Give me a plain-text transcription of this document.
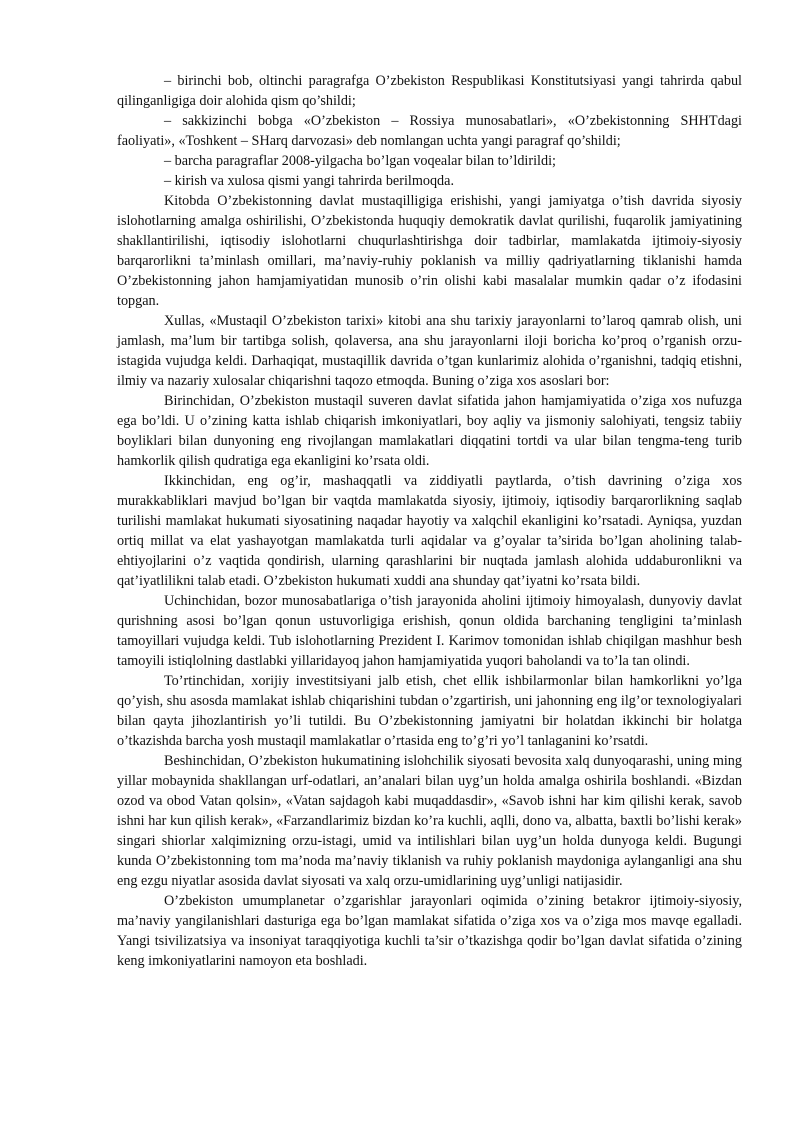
– birinchi bob, oltinchi paragrafga O’zbekiston Respublikasi Konstitutsiyasi yangi tahrirda qabul qilinganligiga doir alohida qism qo’shildi;

– sakkizinchi bobga «O’zbekiston – Rossiya munosabatlari», «O’zbekistonning SHHTdagi faoliyati», «Toshkent – SHarq darvozasi» deb nomlangan uchta yangi paragraf qo’shildi;

– barcha paragraflar 2008-yilgacha bo’lgan voqealar bilan to’ldirildi;

– kirish va xulosa qismi yangi tahrirda berilmoqda.

Kitobda O’zbekistonning davlat mustaqilligiga erishishi, yangi jamiyatga o’tish davrida siyosiy islohotlarning amalga oshirilishi, O’zbekistonda huquqiy demokratik davlat qurilishi, fuqarolik jamiyatining shakllantirilishi, iqtisodiy islohotlarni chuqurlashtirishga doir tadbirlar, mamlakatda ijtimoiy-siyosiy barqarorlikni ta’minlash omillari, ma’naviy-ruhiy poklanish va milliy qadriyatlarning tiklanishi hamda O’zbekistonning jahon hamjamiyatidan munosib o’rin olishi kabi masalalar mumkin qadar o’z ifodasini topgan.

Xullas, «Mustaqil O’zbekiston tarixi» kitobi ana shu tarixiy jarayonlarni to’laroq qamrab olish, uni jamlash, ma’lum bir tartibga solish, qolaversa, ana shu jarayonlarni iloji boricha ko’proq o’rganish orzu-istagida vujudga keldi. Darhaqiqat, mustaqillik davrida o’tgan kunlarimiz alohida o’rganishni, tadqiq etishni, ilmiy va nazariy xulosalar chiqarishni taqozo etmoqda. Buning o’ziga xos asoslari bor:

Birinchidan, O’zbekiston mustaqil suveren davlat sifatida jahon hamjamiyatida o’ziga xos nufuzga ega bo’ldi. U o’zining katta ishlab chiqarish imkoniyatlari, boy aqliy va jismoniy salohiyati, tengsiz tabiiy boyliklari bilan dunyoning eng rivojlangan mamlakatlari diqqatini tortdi va ular bilan tengma-teng turib hamkorlik qilish qudratiga ega ekanligini ko’rsata oldi.

Ikkinchidan, eng og’ir, mashaqqatli va ziddiyatli paytlarda, o’tish davrining o’ziga xos murakkabliklari mavjud bo’lgan bir vaqtda mamlakatda siyosiy, ijtimoiy, iqtisodiy barqarorlikning saqlab turilishi mamlakat hukumati siyosatining naqadar hayotiy va xalqchil ekanligini ko’rsatadi. Ayniqsa, yuzdan ortiq millat va elat yashayotgan mamlakatda turli aqidalar va g’oyalar ta’sirida bo’lgan aholining talab-ehtiyojlarini o’z vaqtida qondirish, ularning qarashlarini bir nuqtada jamlash alohida uddaburonlikni va qat’iyatlilikni talab etadi. O’zbekiston hukumati xuddi ana shunday qat’iyatni ko’rsata bildi.

Uchinchidan, bozor munosabatlariga o’tish jarayonida aholini ijtimoiy himoyalash, dunyoviy davlat qurishning asosi bo’lgan qonun ustuvorligiga erishish, qonun oldida barchaning tengligini ta’minlash tamoyillari vujudga keldi. Tub islohotlarning Prezident I. Karimov tomonidan ishlab chiqilgan mashhur besh tamoyili istiqlolning dastlabki yillaridayoq jahon hamjamiyatida yuqori baholandi va to’la tan olindi.

To’rtinchidan, xorijiy investitsiyani jalb etish, chet ellik ishbilarmonlar bilan hamkorlikni yo’lga qo’yish, shu asosda mamlakat ishlab chiqarishini tubdan o’zgartirish, uni jahonning eng ilg’or texnologiyalari bilan qayta jihozlantirish yo’li tutildi. Bu O’zbekistonning jamiyatni bir holatdan ikkinchi bir holatga o’tkazishda barcha yosh mustaqil mamlakatlar o’rtasida eng to’g’ri yo’l tanlaganini ko’rsatdi.

Beshinchidan, O’zbekiston hukumatining islohchilik siyosati bevosita xalq dunyoqarashi, uning ming yillar mobaynida shakllangan urf-odatlari, an’analari bilan uyg’un holda amalga oshirila boshlandi. «Bizdan ozod va obod Vatan qolsin», «Vatan sajdagoh kabi muqaddasdir», «Savob ishni har kim qilishi kerak, savob ishni har kun qilish kerak», «Farzandlarimiz bizdan ko’ra kuchli, aqlli, dono va, albatta, baxtli bo’lishi kerak» singari shiorlar xalqimizning orzu-istagi, umid va intilishlari bilan uyg’un holda dunyoga keldi. Bugungi kunda O’zbekistonning tom ma’noda ma’naviy tiklanish va ruhiy poklanish maydoniga aylanganligi ana shu eng ezgu niyatlar asosida davlat siyosati va xalq orzu-umidlarining uyg’unligi natijasidir.

O’zbekiston umumplanetar o’zgarishlar jarayonlari oqimida o’zining betakror ijtimoiy-siyosiy, ma’naviy yangilanishlari dasturiga ega bo’lgan mamlakat sifatida o’ziga xos va o’ziga mos mavqe egalladi. Yangi tsivilizatsiya va insoniyat taraqqiyotiga kuchli ta’sir o’tkazishga qodir bo’lgan davlat sifatida o’zining keng imkoniyatlarini namoyon eta boshladi.
